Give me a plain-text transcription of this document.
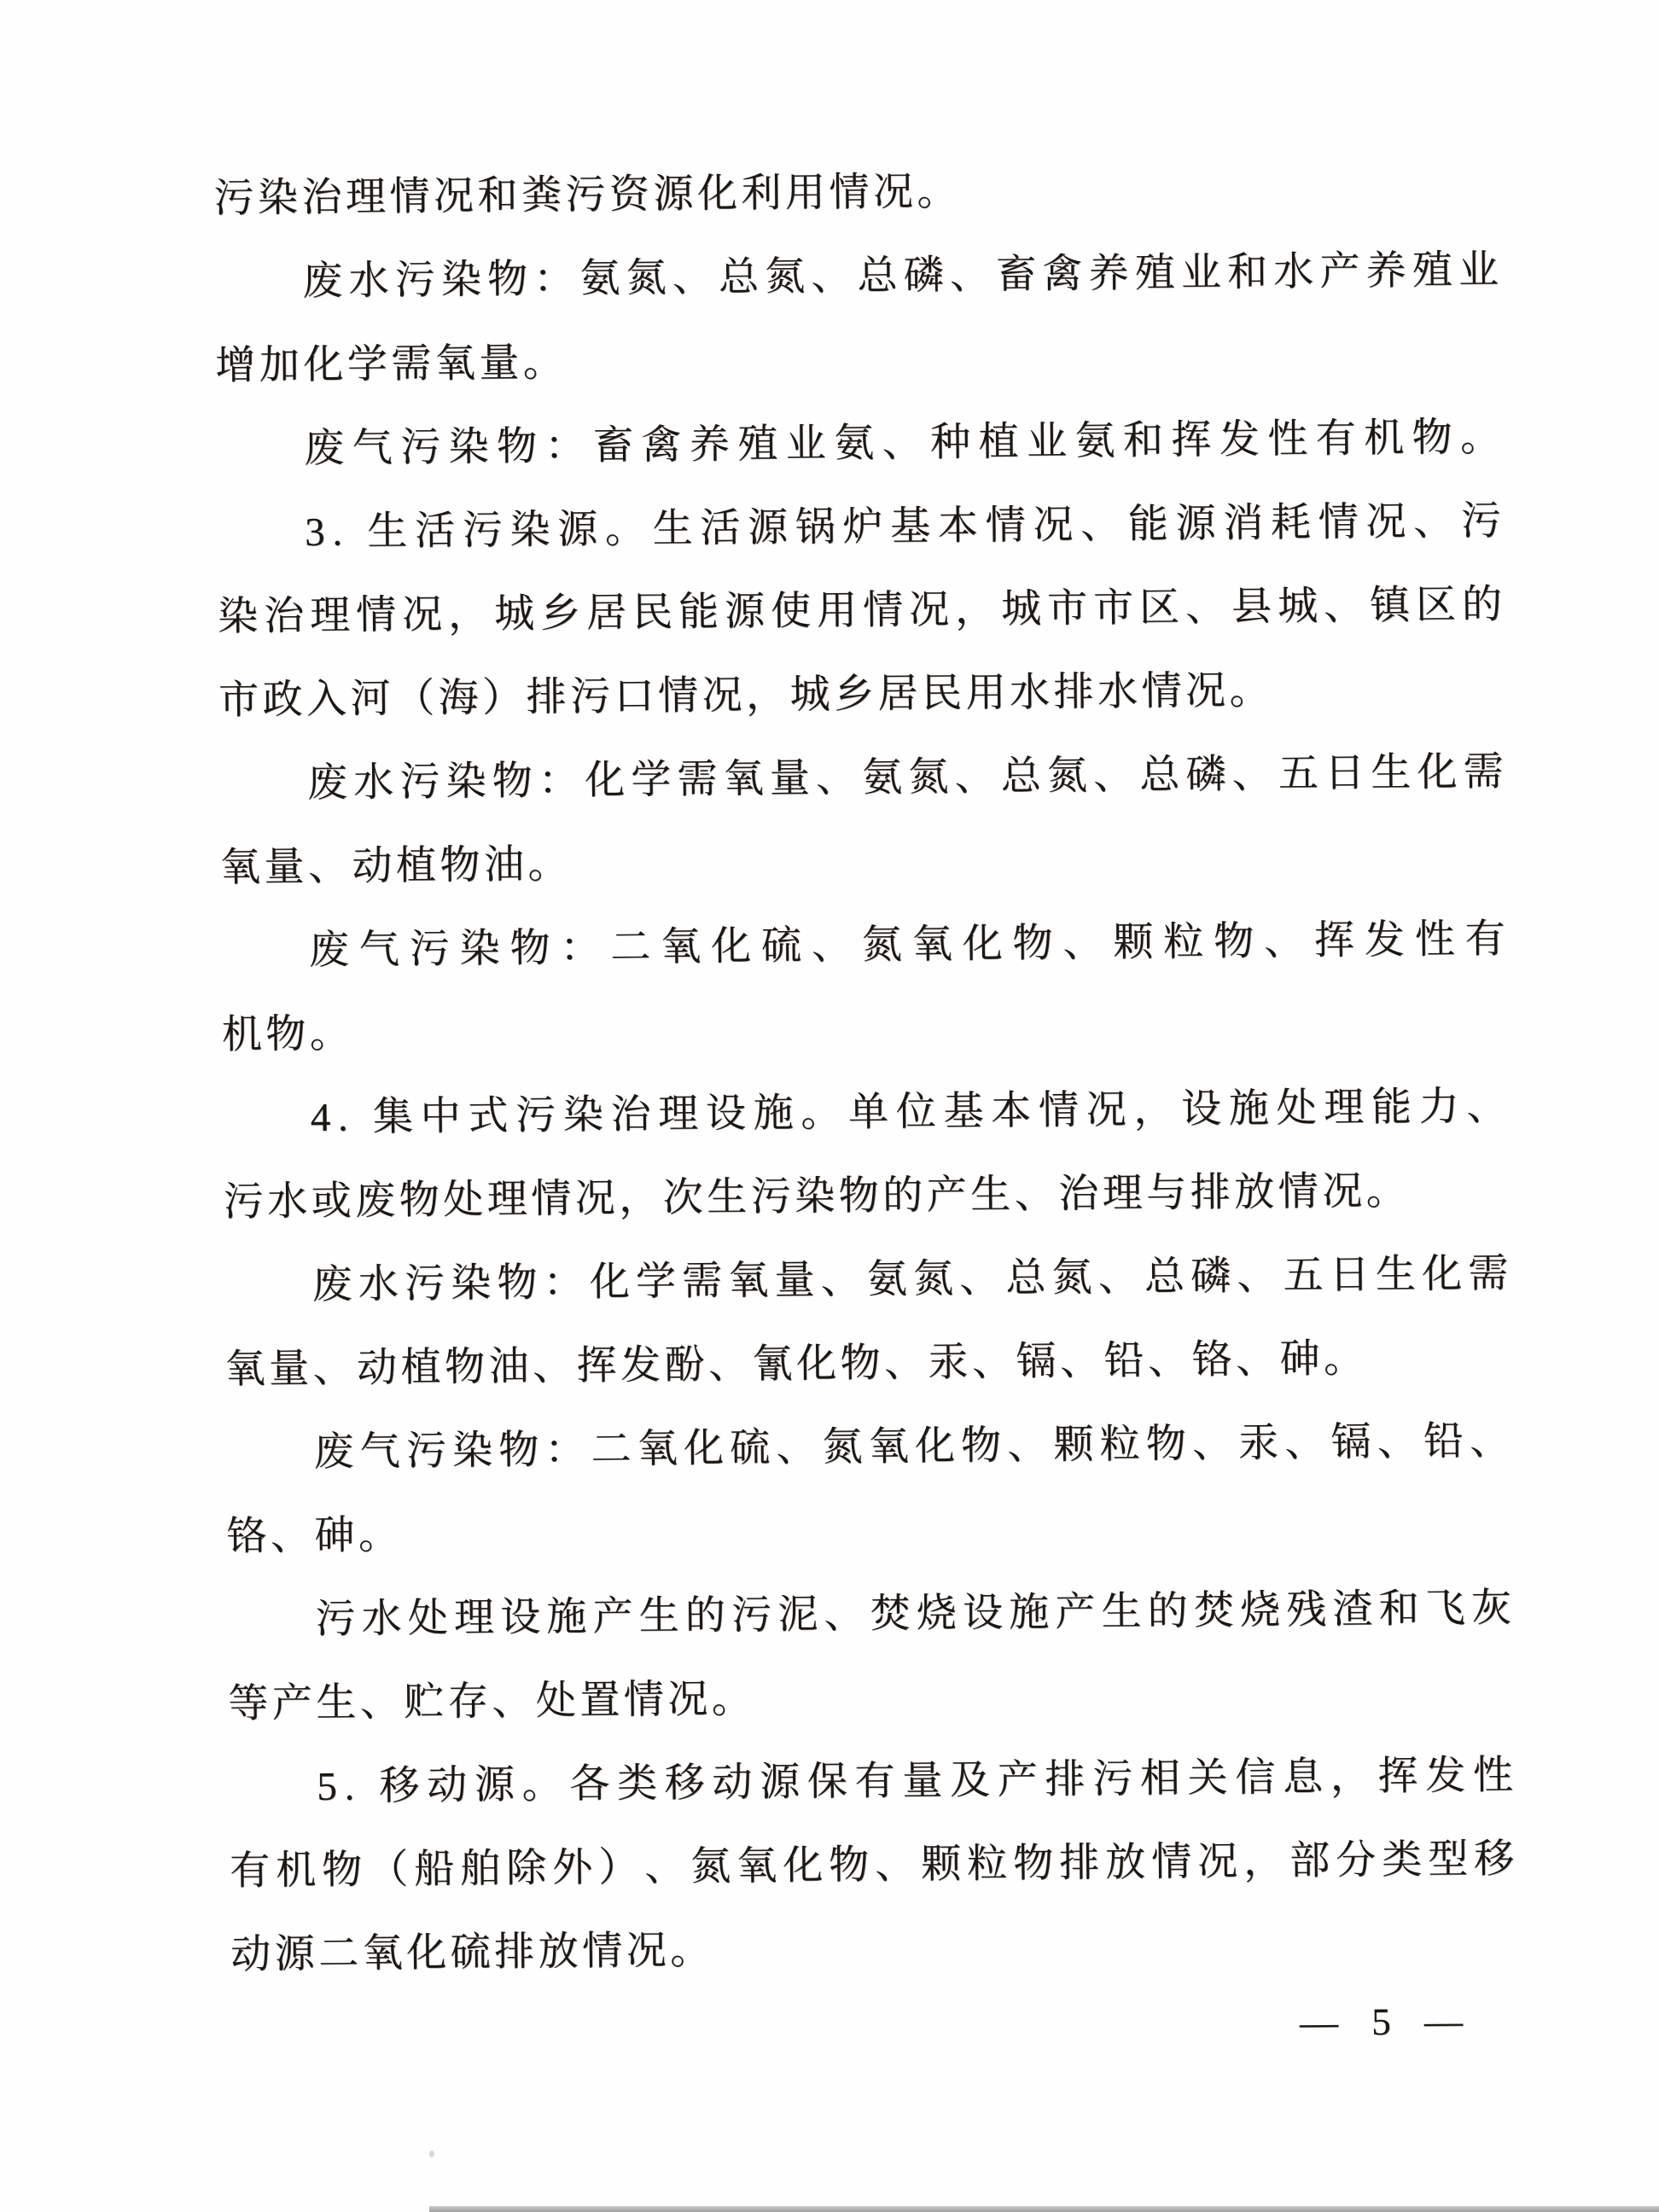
污染治理情况和粪污资源化利用情况。
废 水 污 染 物 ： 氨 氮 、 总 氮 、 总 磷 、 畜 禽 养 殖 业 和 水 产 养 殖 业
增加化学需氧量。
废 气 污 染 物 ： 畜 禽 养 殖 业 氨 、 种 植 业 氨 和 挥 发 性 有 机 物 。
3 .
生 活 污 染 源 。 生 活 源 锅 炉 基 本 情 况 、 能 源 消 耗 情 况 、 污
染 治 理 情 况 ， 城 乡 居 民 能 源 使 用 情 况 ， 城 市 市 区 、 县 城 、 镇 区 的
市政入河（海）排污口情况，城乡居民用水排水情况。
废 水 污 染 物 ： 化 学 需 氧 量 、 氨 氮 、 总 氮 、 总 磷 、 五 日 生 化 需
氧量、动植物油。
废 气 污 染 物 ： 二 氧 化 硫 、 氮 氧 化 物 、 颗 粒 物 、 挥 发 性 有
机物。
4 .
集 中 式 污 染 治 理 设 施 。 单 位 基 本 情 况 ， 设 施 处 理 能 力 、
污水或废物处理情况，次生污染物的产生、治理与排放情况。
废 水 污 染 物 ： 化 学 需 氧 量 、 氨 氮 、 总 氮 、 总 磷 、 五 日 生 化 需
氧量、动植物油、挥发酚、氰化物、汞、镉、铅、铬、砷。
废 气 污 染 物 ： 二 氧 化 硫 、 氮 氧 化 物 、 颗 粒 物 、 汞 、 镉 、 铅 、
铬、砷。
污 水 处 理 设 施 产 生 的 污 泥 、 焚 烧 设 施 产 生 的 焚 烧 残 渣 和 飞 灰
等产生、贮存、处置情况。
5 .
移 动 源 。 各 类 移 动 源 保 有 量 及 产 排 污 相 关 信 息 ， 挥 发 性
有 机 物 （ 船 舶 除 外 ） 、 氮 氧 化 物 、 颗 粒 物 排 放 情 况 ， 部 分 类 型 移
动源二氧化硫排放情况。
— 5 —
